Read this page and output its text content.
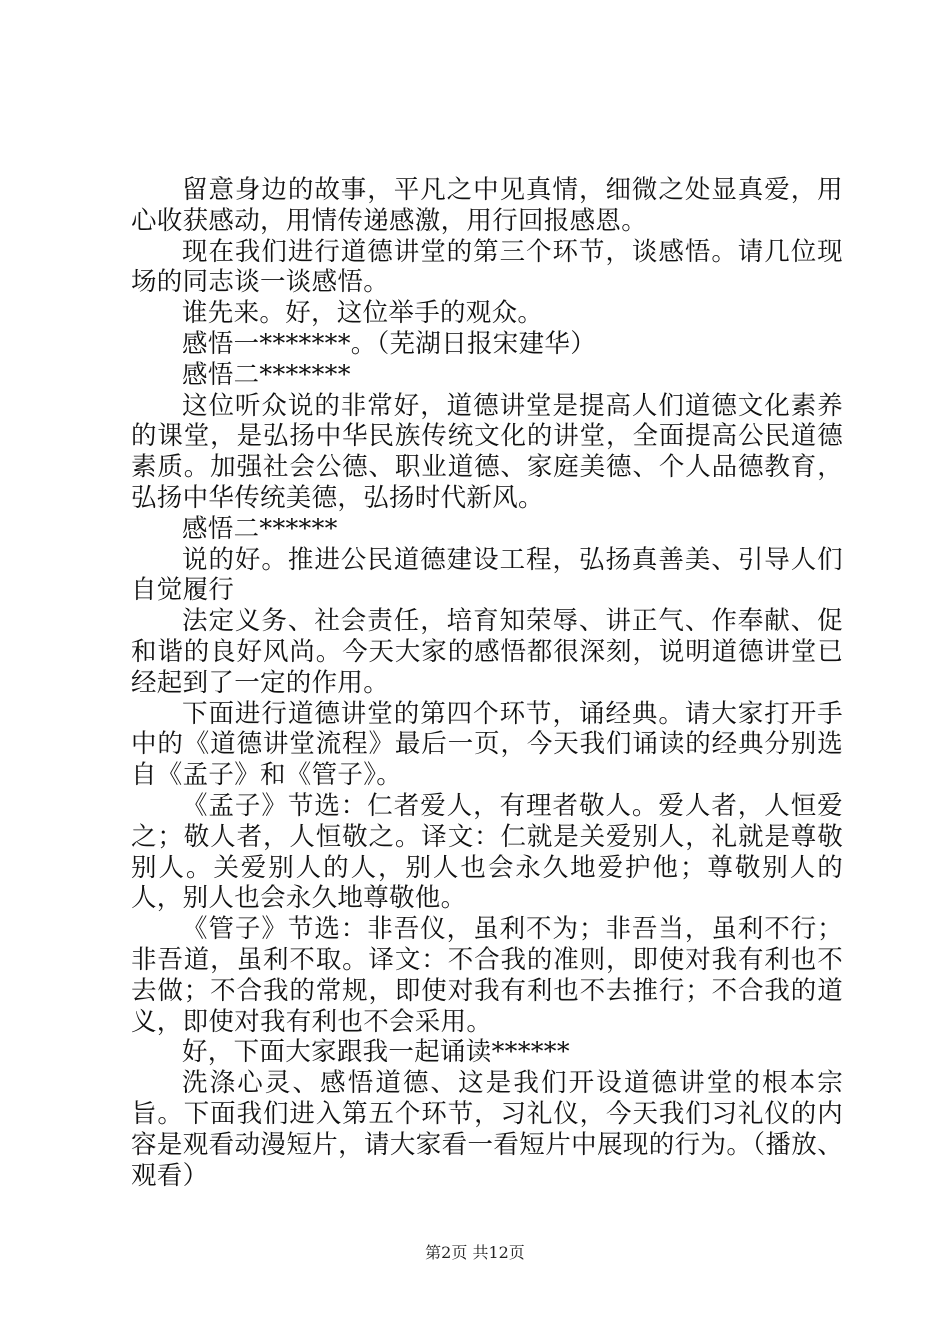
留意身边的故事，平凡之中见真情，细微之处显真爱，用心收获感动，用情传递感激，用行回报感恩。

现在我们进行道德讲堂的第三个环节，谈感悟。请几位现场的同志谈一谈感悟。

谁先来。好，这位举手的观众。

感悟一*******。（芜湖日报宋建华）

感悟二*******

这位听众说的非常好，道德讲堂是提高人们道德文化素养的课堂，是弘扬中华民族传统文化的讲堂，全面提高公民道德素质。加强社会公德、职业道德、家庭美德、个人品德教育，弘扬中华传统美德，弘扬时代新风。

感悟二******

说的好。推进公民道德建设工程，弘扬真善美、引导人们自觉履行

法定义务、社会责任，培育知荣辱、讲正气、作奉献、促和谐的良好风尚。今天大家的感悟都很深刻，说明道德讲堂已经起到了一定的作用。

下面进行道德讲堂的第四个环节，诵经典。请大家打开手中的《道德讲堂流程》最后一页，今天我们诵读的经典分别选自《孟子》和《管子》。

《孟子》节选：仁者爱人，有理者敬人。爱人者，人恒爱之；敬人者，人恒敬之。译文：仁就是关爱别人，礼就是尊敬别人。关爱别人的人，别人也会永久地爱护他；尊敬别人的人，别人也会永久地尊敬他。

《管子》节选：非吾仪，虽利不为；非吾当，虽利不行；非吾道，虽利不取。译文：不合我的准则，即使对我有利也不去做；不合我的常规，即使对我有利也不去推行；不合我的道义，即使对我有利也不会采用。

好，下面大家跟我一起诵读******

洗涤心灵、感悟道德、这是我们开设道德讲堂的根本宗旨。下面我们进入第五个环节，习礼仪，今天我们习礼仪的内容是观看动漫短片，请大家看一看短片中展现的行为。（播放、观看）

第2页 共12页
